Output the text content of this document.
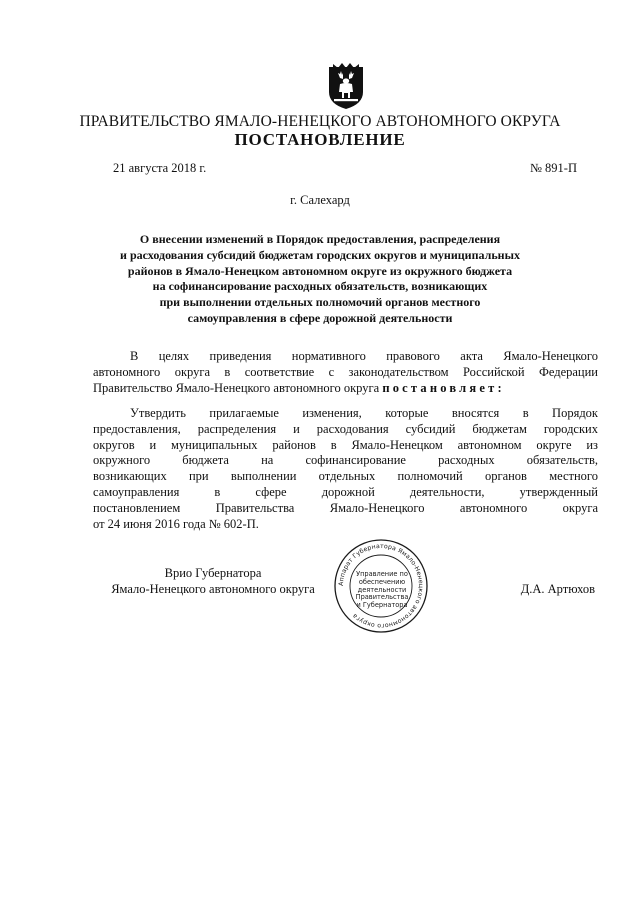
ПРАВИТЕЛЬСТВО ЯМАЛО-НЕНЕЦКОГО АВТОНОМНОГО ОКРУГА
ПОСТАНОВЛЕНИЕ
21 августа 2018 г.	№ 891-П
г. Салехард
О внесении изменений в Порядок предоставления, распределения
и расходования субсидий бюджетам городских округов и муниципальных
районов в Ямало-Ненецком автономном округе из окружного бюджета
на софинансирование расходных обязательств, возникающих
при выполнении отдельных полномочий органов местного
самоуправления в сфере дорожной деятельности
В целях приведения нормативного правового акта Ямало-Ненецкого
автономного округа в соответствие с законодательством Российской Федерации
Правительство Ямало-Ненецкого автономного округа постановляет:
Утвердить прилагаемые изменения, которые вносятся в Порядок
предоставления, распределения и расходования субсидий бюджетам городских
округов и муниципальных районов в Ямало-Ненецком автономном округе из
окружного бюджета на софинансирование расходных обязательств,
возникающих при выполнении отдельных полномочий органов местного
самоуправления в сфере дорожной деятельности, утвержденный
постановлением Правительства Ямало-Ненецкого автономного округа
от 24 июня 2016 года № 602-П.
Врио Губернатора
Ямало-Ненецкого автономного округа	Д.А. Артюхов
Аппарат Губернатора Ямало-Ненецкого автономного округа
Управление по
обеспечению
деятельности
Правительства
и Губернатора
